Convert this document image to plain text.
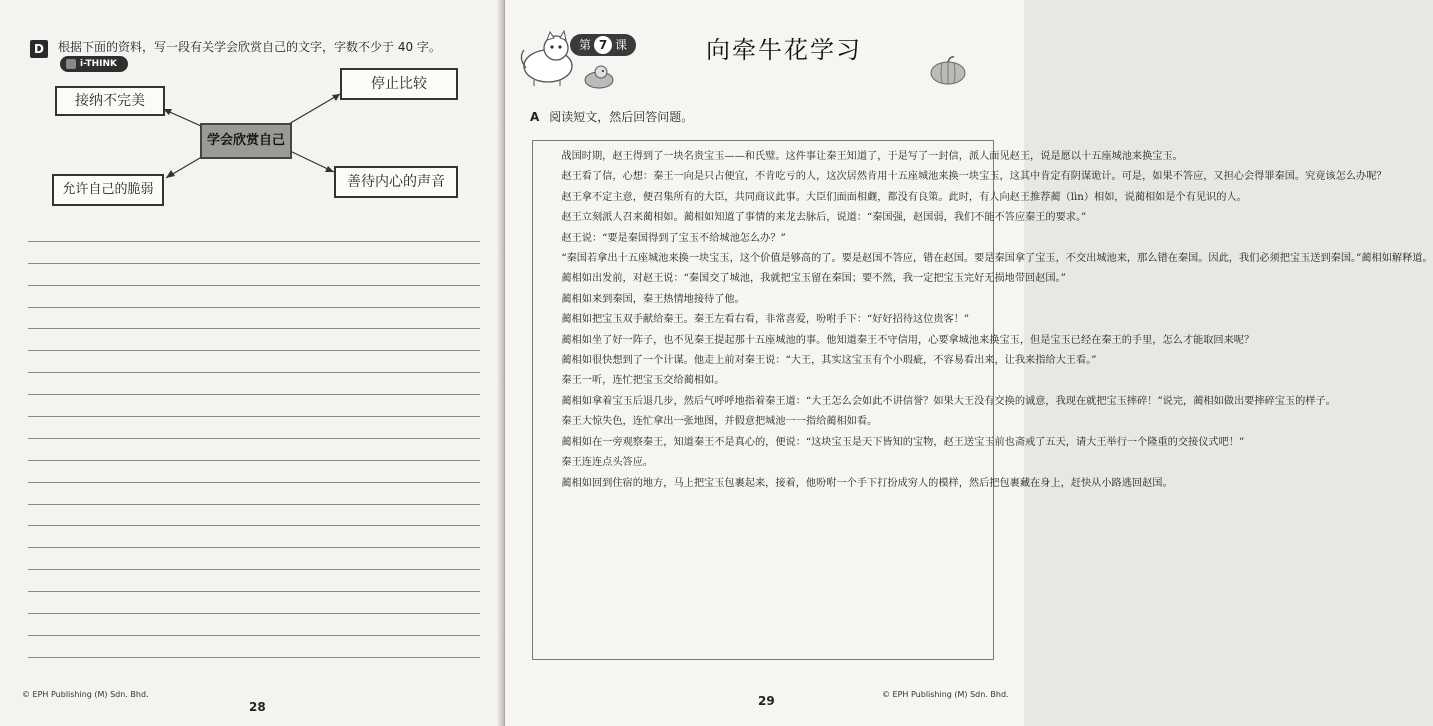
D	根据下面的资料，写一段有关学会欣赏自己的文字，字数不少于 40 字。
i-THINK
接纳不完美
停止比较
学会欣赏自己
允许自己的脆弱	善待内心的声音
© EPH Publishing (M) Sdn. Bhd.
28
第 7 课	向牵牛花学习
A 阅读短文，然后回答问题。

战国时期，赵王得到了一块名贵宝玉——和氏璧。这件事让秦王知道了，于是写了一封信，派人面见赵王，说是愿以十五座城池来换宝玉。

赵王看了信，心想：秦王一向是只占便宜，不肯吃亏的人，这次居然肯用十五座城池来换一块宝玉，这其中肯定有阴谋诡计。可是，如果不答应，又担心会得罪秦国。究竟该怎么办呢？

赵王拿不定主意，便召集所有的大臣，共同商议此事。大臣们面面相觑，都没有良策。此时，有人向赵王推荐蔺（lìn）相如，说蔺相如是个有见识的人。

赵王立刻派人召来蔺相如。蔺相如知道了事情的来龙去脉后，说道：“秦国强，赵国弱，我们不能不答应秦王的要求。”

赵王说：“要是秦国得到了宝玉不给城池怎么办？”

“秦国若拿出十五座城池来换一块宝玉，这个价值是够高的了。要是赵国不答应，错在赵国。要是秦国拿了宝玉，不交出城池来，那么错在秦国。因此，我们必须把宝玉送到秦国。”蔺相如解释道。

蔺相如出发前，对赵王说：“秦国交了城池，我就把宝玉留在秦国；要不然，我一定把宝玉完好无损地带回赵国。”

蔺相如来到秦国，秦王热情地接待了他。

蔺相如把宝玉双手献给秦王。秦王左看右看，非常喜爱，吩咐手下：“好好招待这位贵客！”

蔺相如坐了好一阵子，也不见秦王提起那十五座城池的事。他知道秦王不守信用，心要拿城池来换宝玉，但是宝玉已经在秦王的手里，怎么才能取回来呢？

蔺相如很快想到了一个计谋。他走上前对秦王说：“大王，其实这宝玉有个小瑕疵，不容易看出来，让我来指给大王看。”

秦王一听，连忙把宝玉交给蔺相如。

蔺相如拿着宝玉后退几步，然后气呼呼地指着秦王道：“大王怎么会如此不讲信誉？如果大王没有交换的诚意，我现在就把宝玉摔碎！”说完，蔺相如做出要摔碎宝玉的样子。

秦王大惊失色，连忙拿出一张地图，并假意把城池一一指给蔺相如看。

蔺相如在一旁观察秦王，知道秦王不是真心的，便说：“这块宝玉是天下皆知的宝物，赵王送宝玉前也斋戒了五天，请大王举行一个隆重的交接仪式吧！”

秦王连连点头答应。

蔺相如回到住宿的地方，马上把宝玉包裹起来，接着，他吩咐一个手下打扮成穷人的模样，然后把包裹藏在身上，赶快从小路逃回赵国。

29	© EPH Publishing (M) Sdn. Bhd.
